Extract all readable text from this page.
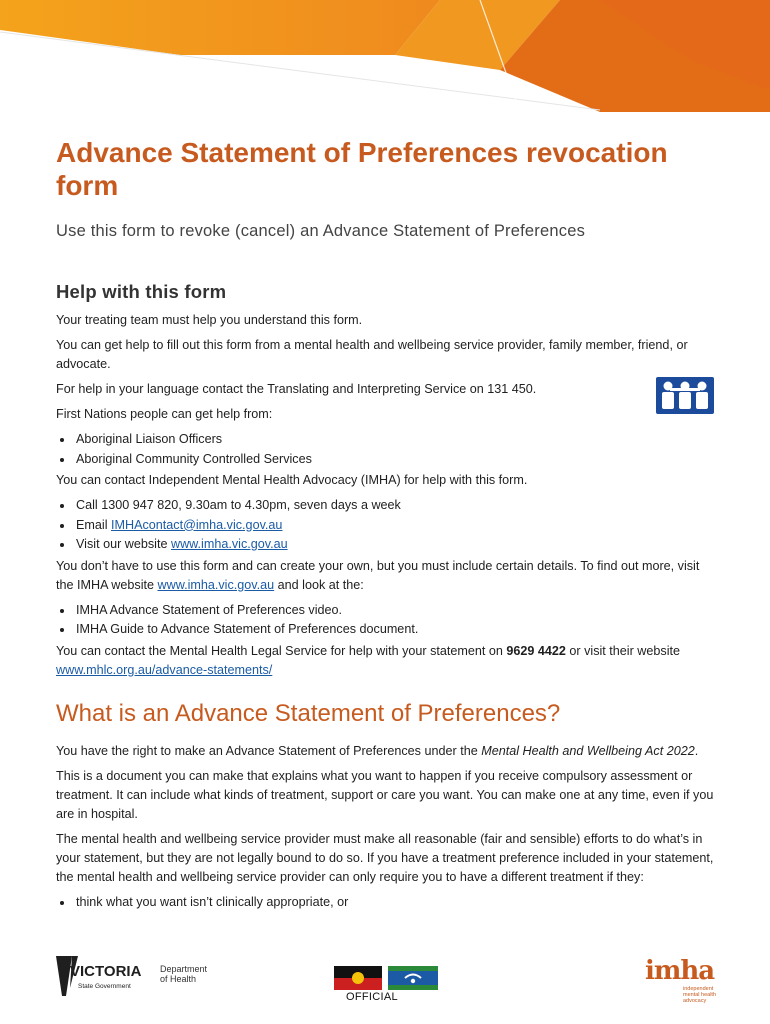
Advance Statement of Preferences revocation form
Use this form to revoke (cancel) an Advance Statement of Preferences
Help with this form

Your treating team must help you understand this form.

You can get help to fill out this form from a mental health and wellbeing service provider, family member, friend, or advocate.

For help in your language contact the Translating and Interpreting Service on 131 450.

First Nations people can get help from:

• Aboriginal Liaison Officers
• Aboriginal Community Controlled Services

You can contact Independent Mental Health Advocacy (IMHA) for help with this form.

• Call 1300 947 820, 9.30am to 4.30pm, seven days a week
• Email IMHAcontact@imha.vic.gov.au
• Visit our website www.imha.vic.gov.au

You don’t have to use this form and can create your own, but you must include certain details. To find out more, visit the IMHA website www.imha.vic.gov.au and look at the:

• IMHA Advance Statement of Preferences video.
• IMHA Guide to Advance Statement of Preferences document.

You can contact the Mental Health Legal Service for help with your statement on 9629 4422 or visit their website www.mhlc.org.au/advance-statements/

What is an Advance Statement of Preferences?

You have the right to make an Advance Statement of Preferences under the Mental Health and Wellbeing Act 2022.

This is a document you can make that explains what you want to happen if you receive compulsory assessment or treatment. It can include what kinds of treatment, support or care you want. You can make one at any time, even if you are in hospital.

The mental health and wellbeing service provider must make all reasonable (fair and sensible) efforts to do what’s in your statement, but they are not legally bound to do so. If you have a treatment preference included in your statement, the mental health and wellbeing service provider can only require you to have a different treatment if they:

• think what you want isn’t clinically appropriate, or
VICTORIA
State Government
Department
of Health
OFFICIAL
imha
independent mental health advocacy
